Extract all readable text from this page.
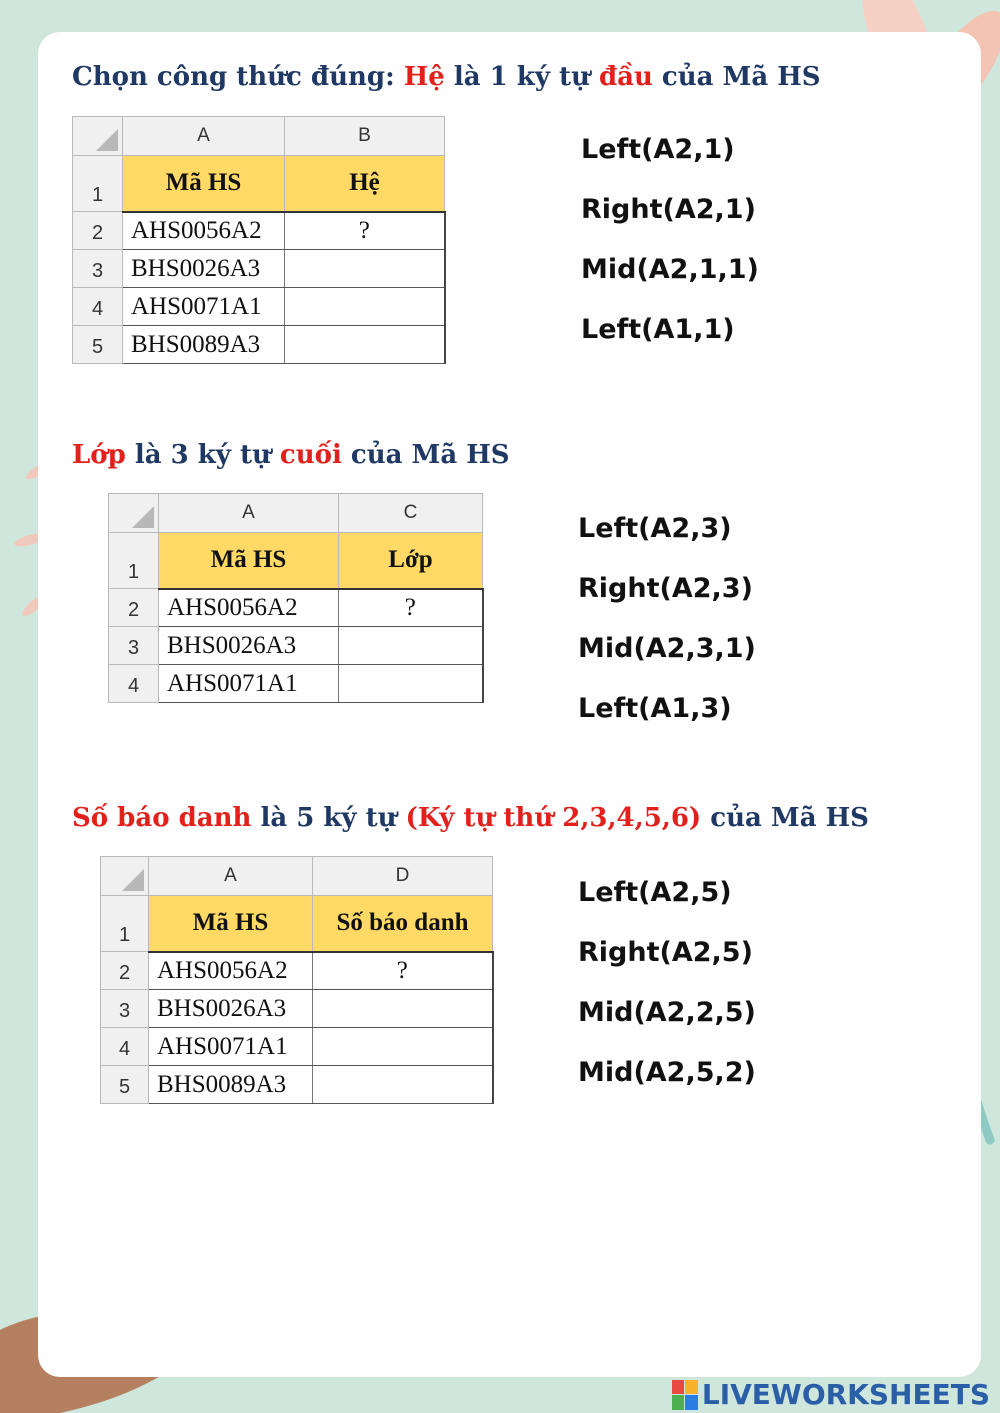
Chọn công thức đúng: Hệ là 1 ký tự đầu của Mã HS

	A	B
1	Mã HS	Hệ
2	AHS0056A2	?
3	BHS0026A3	
4	AHS0071A1	
5	BHS0089A3	

Lớp là 3 ký tự cuối của Mã HS

	A	C
1	Mã HS	Lớp
2	AHS0056A2	?
3	BHS0026A3	
4	AHS0071A1	

Số báo danh là 5 ký tự (Ký tự thứ 2,3,4,5,6) của Mã HS

	A	D
1	Mã HS	Số báo danh
2	AHS0056A2	?
3	BHS0026A3	
4	AHS0071A1	
5	BHS0089A3	
LIVEWORKSHEETS

Left(A2,1)

Right(A2,1)

Mid(A2,1,1)

Left(A1,1)

Left(A2,3)

Right(A2,3)

Mid(A2,3,1)

Left(A1,3)

Left(A2,5)

Right(A2,5)

Mid(A2,2,5)

Mid(A2,5,2)
